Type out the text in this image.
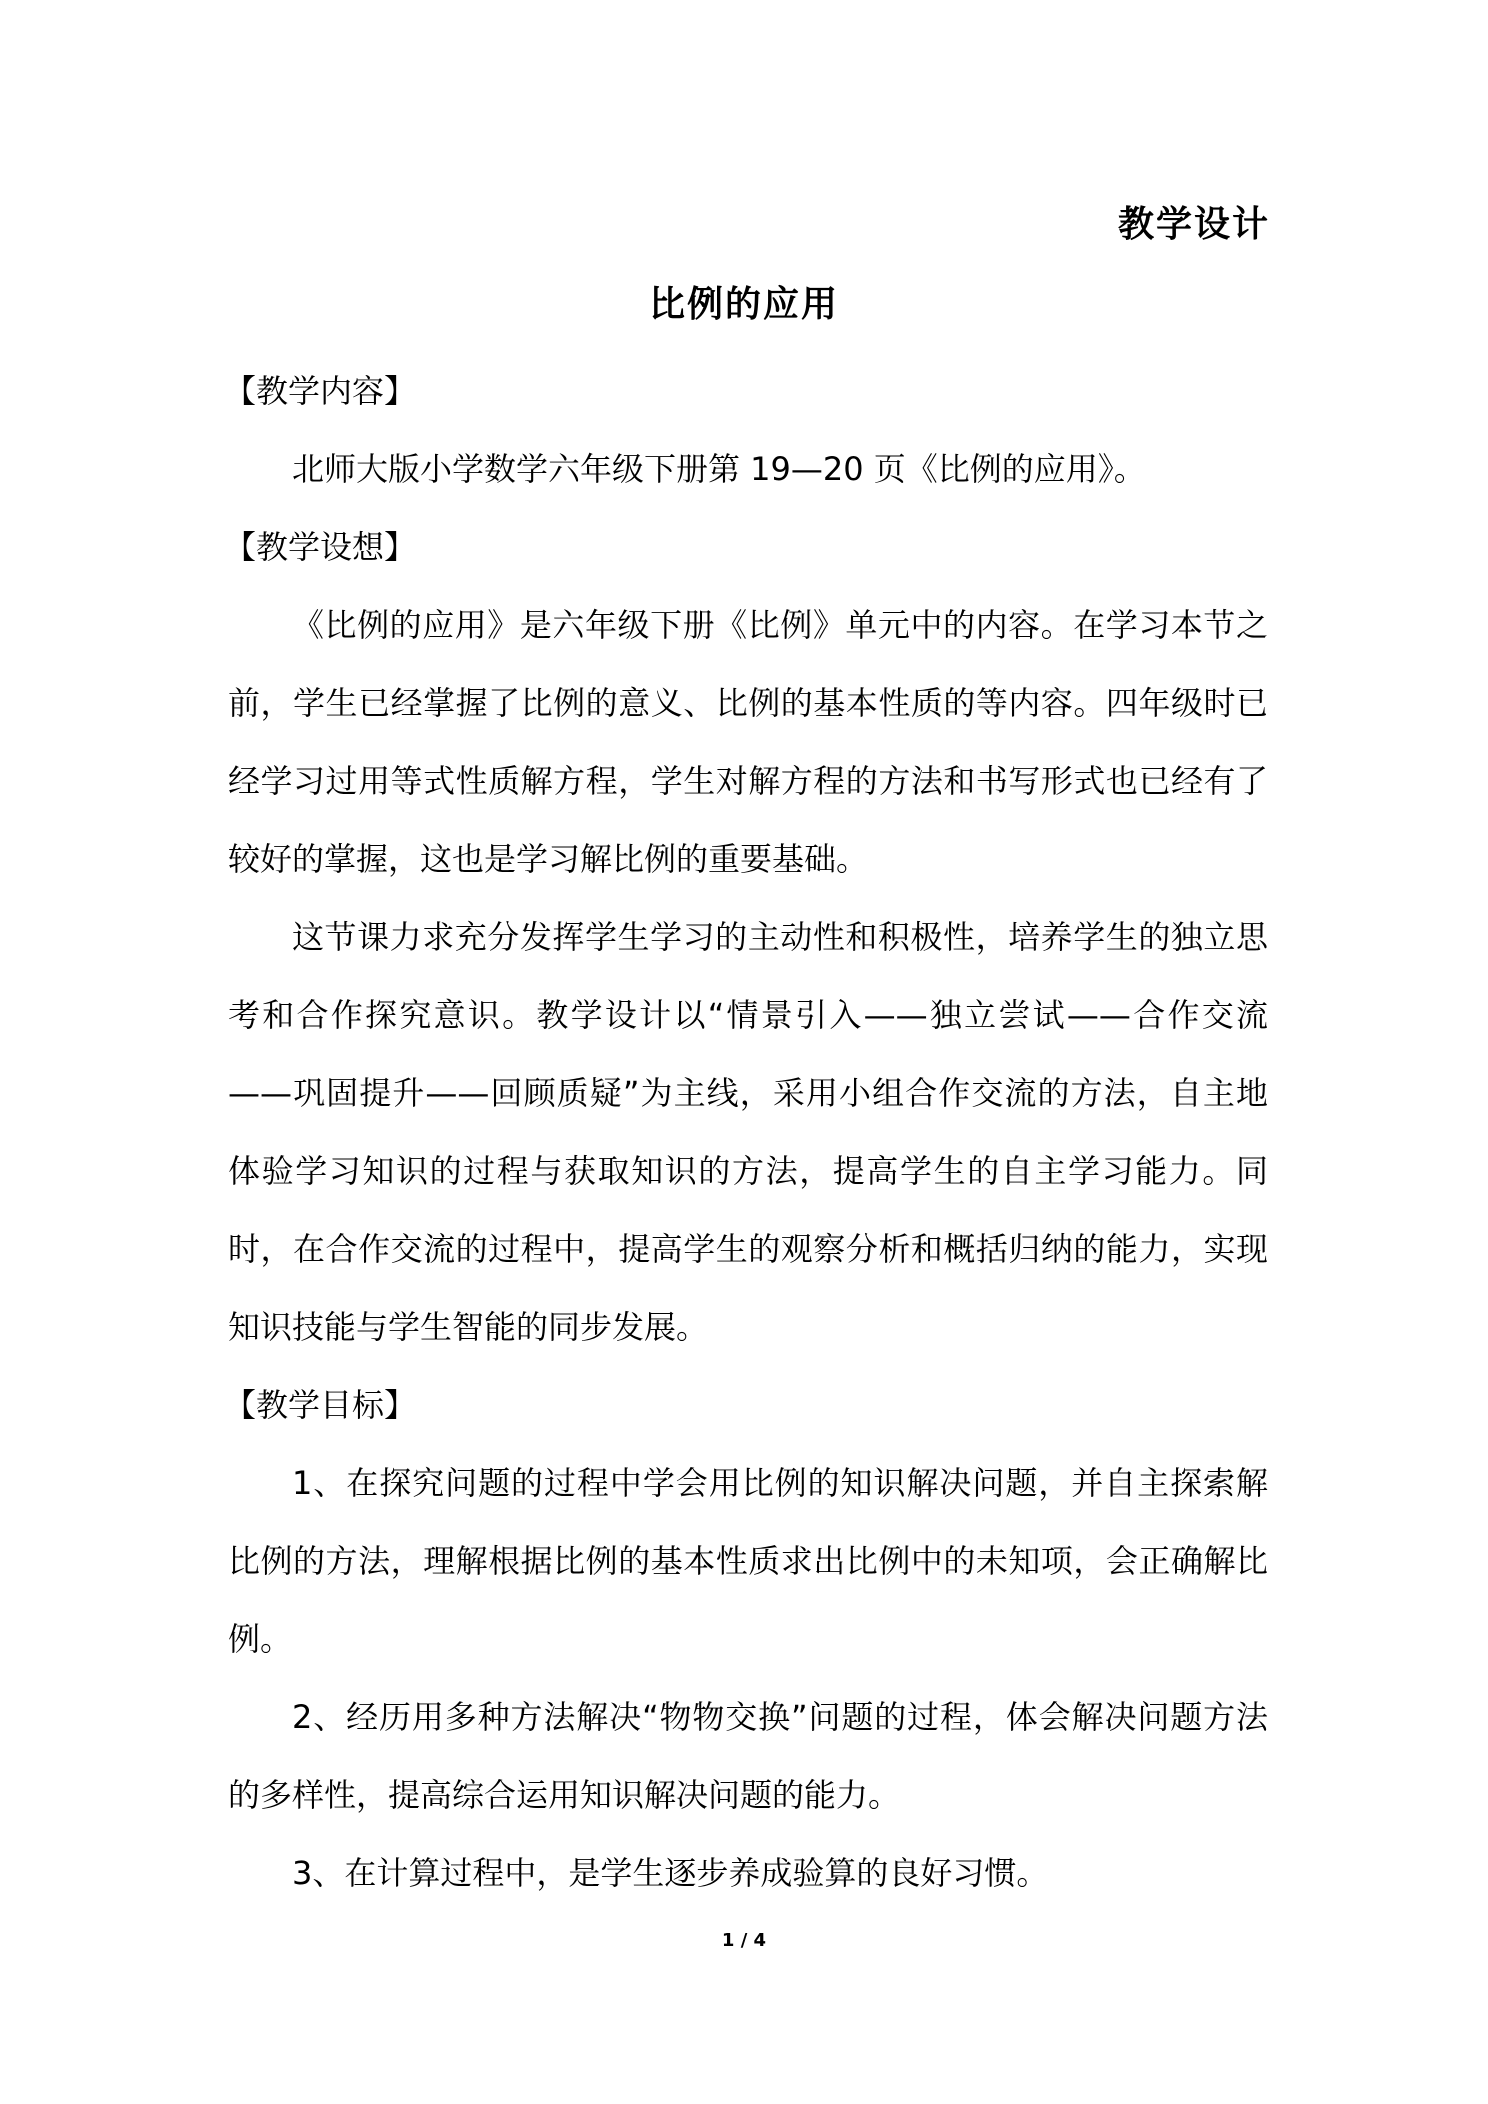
教学设计
比例的应用
【教学内容】

北师大版小学数学六年级下册第 19—20 页《比例的应用》。

【教学设想】

《比例的应用》是六年级下册《比例》单元中的内容。在学习本节之前，学生已经掌握了比例的意义、比例的基本性质的等内容。四年级时已经学习过用等式性质解方程，学生对解方程的方法和书写形式也已经有了较好的掌握，这也是学习解比例的重要基础。

这节课力求充分发挥学生学习的主动性和积极性，培养学生的独立思考和合作探究意识。教学设计以“情景引入——独立尝试——合作交流——巩固提升——回顾质疑”为主线，采用小组合作交流的方法，自主地体验学习知识的过程与获取知识的方法，提高学生的自主学习能力。同时，在合作交流的过程中，提高学生的观察分析和概括归纳的能力，实现知识技能与学生智能的同步发展。

【教学目标】

1、在探究问题的过程中学会用比例的知识解决问题，并自主探索解比例的方法，理解根据比例的基本性质求出比例中的未知项，会正确解比例。

2、经历用多种方法解决“物物交换”问题的过程，体会解决问题方法的多样性，提高综合运用知识解决问题的能力。

3、在计算过程中，是学生逐步养成验算的良好习惯。

1 / 4
